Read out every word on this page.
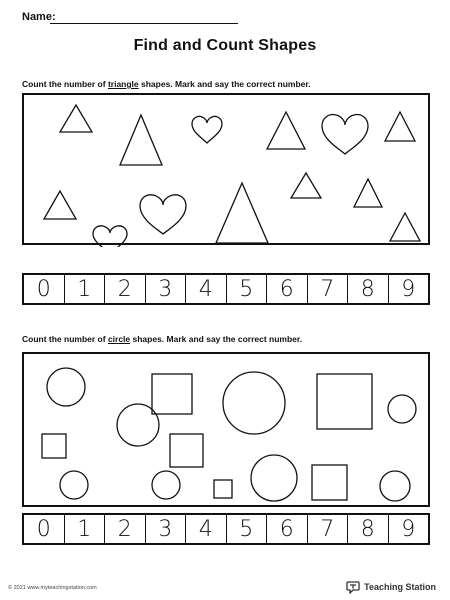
Name:
Find and Count Shapes
Count the number of triangle shapes. Mark and say the correct number.
0	1	2	3	4	5	6	7	8	9
Count the number of circle shapes. Mark and say the correct number.
0	1	2	3	4	5	6	7	8	9
© 2021 www.myteachingstation.com	Teaching Station
